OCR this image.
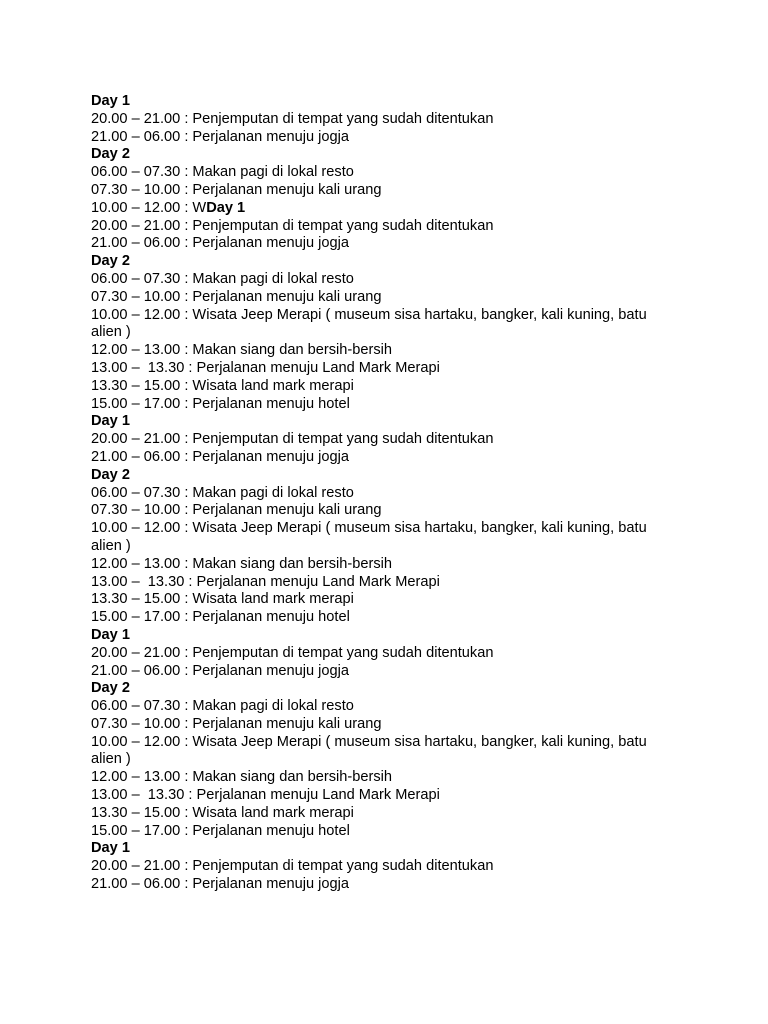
Day 1
20.00 – 21.00 : Penjemputan di tempat yang sudah ditentukan
21.00 – 06.00 : Perjalanan menuju jogja
Day 2
06.00 – 07.30 : Makan pagi di lokal resto
07.30 – 10.00 : Perjalanan menuju kali urang
10.00 – 12.00 : WDay 1
20.00 – 21.00 : Penjemputan di tempat yang sudah ditentukan
21.00 – 06.00 : Perjalanan menuju jogja
Day 2
06.00 – 07.30 : Makan pagi di lokal resto
07.30 – 10.00 : Perjalanan menuju kali urang
10.00 – 12.00 : Wisata Jeep Merapi ( museum sisa hartaku, bangker, kali kuning, batu
alien )
12.00 – 13.00 : Makan siang dan bersih-bersih
13.00 –  13.30 : Perjalanan menuju Land Mark Merapi
13.30 – 15.00 : Wisata land mark merapi
15.00 – 17.00 : Perjalanan menuju hotel
Day 1
20.00 – 21.00 : Penjemputan di tempat yang sudah ditentukan
21.00 – 06.00 : Perjalanan menuju jogja
Day 2
06.00 – 07.30 : Makan pagi di lokal resto
07.30 – 10.00 : Perjalanan menuju kali urang
10.00 – 12.00 : Wisata Jeep Merapi ( museum sisa hartaku, bangker, kali kuning, batu
alien )
12.00 – 13.00 : Makan siang dan bersih-bersih
13.00 –  13.30 : Perjalanan menuju Land Mark Merapi
13.30 – 15.00 : Wisata land mark merapi
15.00 – 17.00 : Perjalanan menuju hotel
Day 1
20.00 – 21.00 : Penjemputan di tempat yang sudah ditentukan
21.00 – 06.00 : Perjalanan menuju jogja
Day 2
06.00 – 07.30 : Makan pagi di lokal resto
07.30 – 10.00 : Perjalanan menuju kali urang
10.00 – 12.00 : Wisata Jeep Merapi ( museum sisa hartaku, bangker, kali kuning, batu
alien )
12.00 – 13.00 : Makan siang dan bersih-bersih
13.00 –  13.30 : Perjalanan menuju Land Mark Merapi
13.30 – 15.00 : Wisata land mark merapi
15.00 – 17.00 : Perjalanan menuju hotel
Day 1
20.00 – 21.00 : Penjemputan di tempat yang sudah ditentukan
21.00 – 06.00 : Perjalanan menuju jogja
